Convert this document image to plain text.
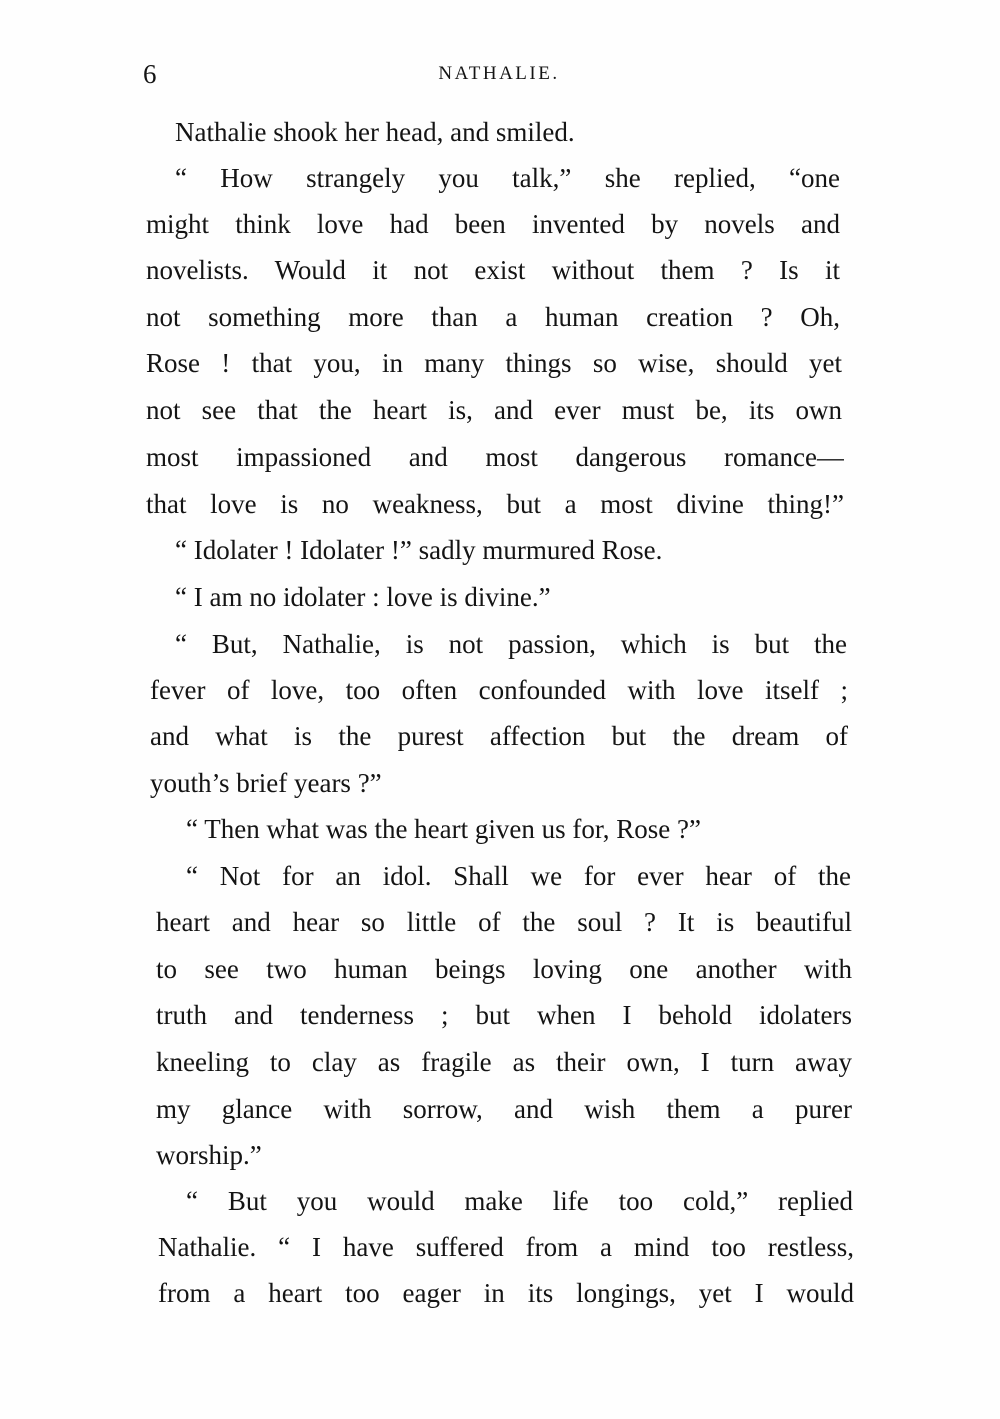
6	NATHALIE.
Nathalie shook her head, and smiled.
“ How strangely you talk,” she replied, “one
might think love had been invented by novels and
novelists. Would it not exist without them ? Is it
not something more than a human creation ? Oh,
Rose ! that you, in many things so wise, should yet
not see that the heart is, and ever must be, its own
most impassioned and most dangerous romance—
that love is no weakness, but a most divine thing!”
“ Idolater ! Idolater !” sadly murmured Rose.
“ I am no idolater : love is divine.”
“ But, Nathalie, is not passion, which is but the
fever of love, too often confounded with love itself ;
and what is the purest affection but the dream of
youth’s brief years ?”
“ Then what was the heart given us for, Rose ?”
“ Not for an idol. Shall we for ever hear of the
heart and hear so little of the soul ? It is beautiful
to see two human beings loving one another with
truth and tenderness ; but when I behold idolaters
kneeling to clay as fragile as their own, I turn away
my glance with sorrow, and wish them a purer
worship.”
“ But you would make life too cold,” replied
Nathalie. “ I have suffered from a mind too restless,
from a heart too eager in its longings, yet I would
